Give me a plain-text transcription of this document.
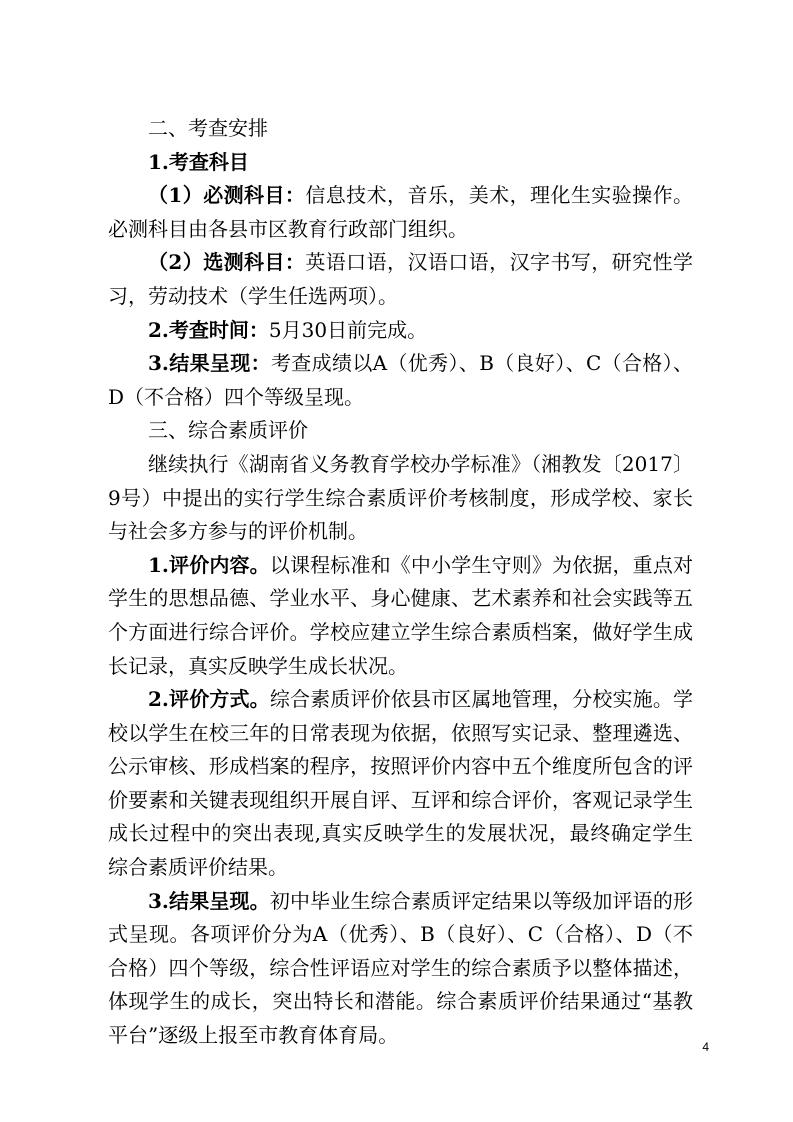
二、考查安排

1.考查科目

（1）必测科目：信息技术，音乐，美术，理化生实验操作。必测科目由各县市区教育行政部门组织。

（2）选测科目：英语口语，汉语口语，汉字书写，研究性学习，劳动技术（学生任选两项）。

2.考查时间：5月30日前完成。

3.结果呈现：考查成绩以A（优秀）、B（良好）、C（合格）、D（不合格）四个等级呈现。

三、综合素质评价

继续执行《湖南省义务教育学校办学标准》（湘教发〔2017〕9号）中提出的实行学生综合素质评价考核制度，形成学校、家长与社会多方参与的评价机制。

1.评价内容。以课程标准和《中小学生守则》为依据，重点对学生的思想品德、学业水平、身心健康、艺术素养和社会实践等五个方面进行综合评价。学校应建立学生综合素质档案，做好学生成长记录，真实反映学生成长状况。

2.评价方式。综合素质评价依县市区属地管理，分校实施。学校以学生在校三年的日常表现为依据，依照写实记录、整理遴选、公示审核、形成档案的程序，按照评价内容中五个维度所包含的评价要素和关键表现组织开展自评、互评和综合评价，客观记录学生成长过程中的突出表现,真实反映学生的发展状况，最终确定学生综合素质评价结果。

3.结果呈现。初中毕业生综合素质评定结果以等级加评语的形式呈现。各项评价分为A（优秀）、B（良好）、C（合格）、D（不合格）四个等级，综合性评语应对学生的综合素质予以整体描述，体现学生的成长，突出特长和潜能。综合素质评价结果通过“基教平台”逐级上报至市教育体育局。	4
